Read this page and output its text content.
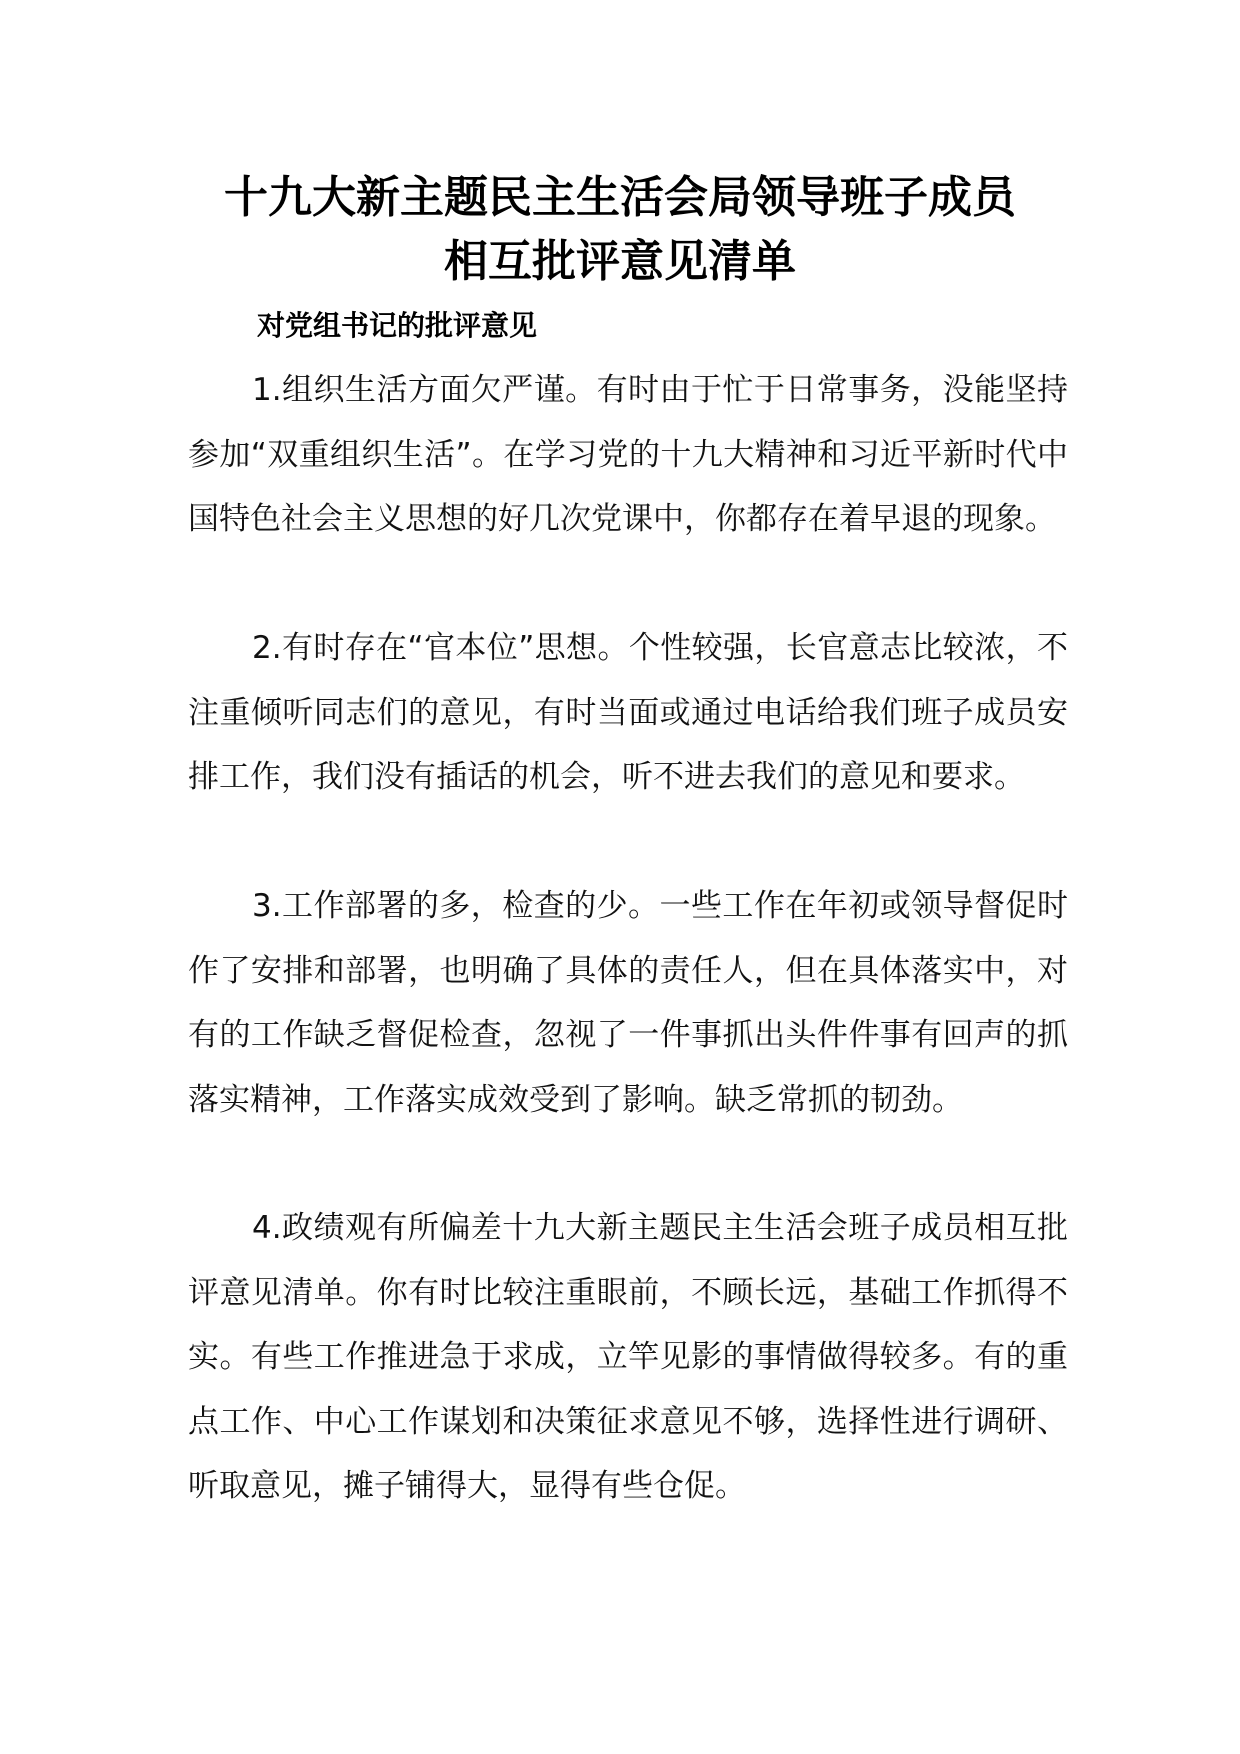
十九大新主题民主生活会局领导班子成员
相互批评意见清单
对党组书记的批评意见

1.组织生活方面欠严谨。有时由于忙于日常事务，没能坚持参加“双重组织生活”。在学习党的十九大精神和习近平新时代中国特色社会主义思想的好几次党课中，你都存在着早退的现象。

2.有时存在“官本位”思想。个性较强，长官意志比较浓，不注重倾听同志们的意见，有时当面或通过电话给我们班子成员安排工作，我们没有插话的机会，听不进去我们的意见和要求。

3.工作部署的多，检查的少。一些工作在年初或领导督促时作了安排和部署，也明确了具体的责任人，但在具体落实中，对有的工作缺乏督促检查，忽视了一件事抓出头件件事有回声的抓落实精神，工作落实成效受到了影响。缺乏常抓的韧劲。

4.政绩观有所偏差十九大新主题民主生活会班子成员相互批评意见清单。你有时比较注重眼前，不顾长远，基础工作抓得不实。有些工作推进急于求成，立竿见影的事情做得较多。有的重点工作、中心工作谋划和决策征求意见不够，选择性进行调研、听取意见，摊子铺得大，显得有些仓促。
